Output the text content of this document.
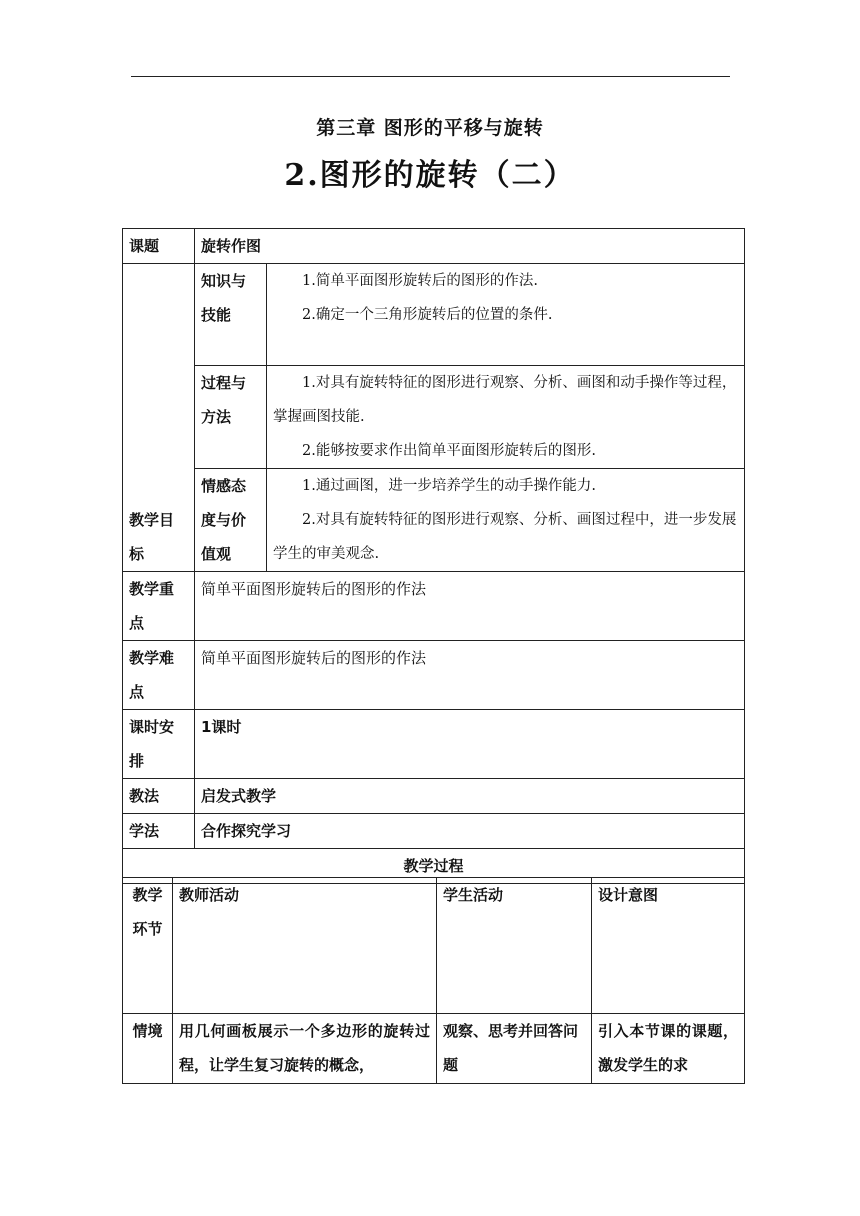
第三章 图形的平移与旋转
2.图形的旋转（二）
课题	旋转作图	
教学目标	知识与技能	1.简单平面图形旋转后的图形的作法.
2.确定一个三角形旋转后的位置的条件.

	过程与方法	1.对具有旋转特征的图形进行观察、分析、画图和动手操作等过程，掌握画图技能.
2.能够按要求作出简单平面图形旋转后的图形.

	情感态度与价值观	1.通过画图，进一步培养学生的动手操作能力.
2.对具有旋转特征的图形进行观察、分析、画图过程中，进一步发展学生的审美观念.

教学重点	简单平面图形旋转后的图形的作法	
教学难点	简单平面图形旋转后的图形的作法	
课时安排	1课时	
教法	启发式教学	
学法	合作探究学习	
教学过程		
教学环节	教师活动	学生活动	设计意图
情境	用几何画板展示一个多边形的旋转过程，让学生复习旋转的概念，	观察、思考并回答问题	引入本节课的课题，激发学生的求
